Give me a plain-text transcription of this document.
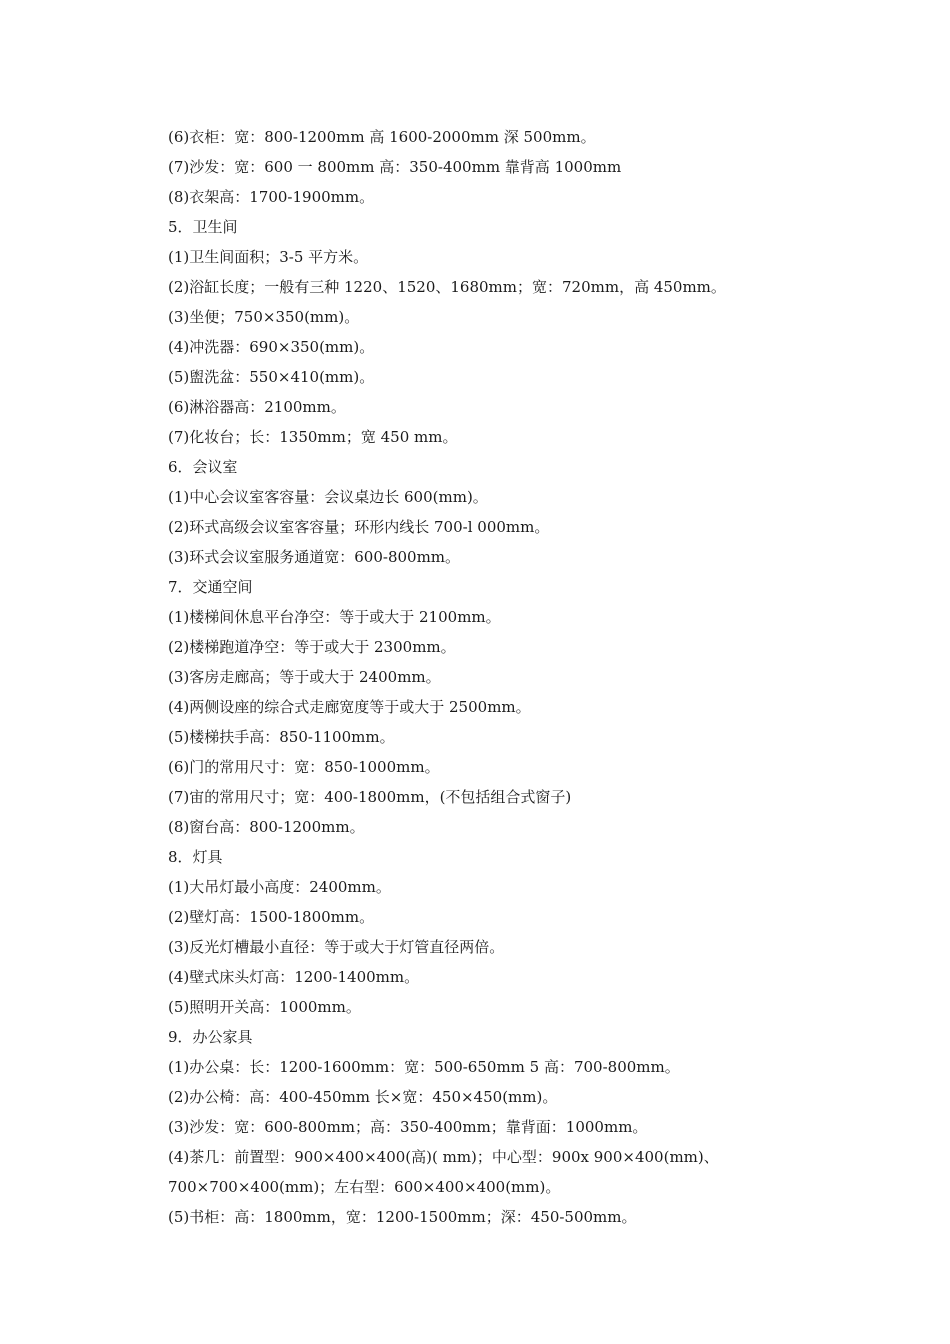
(6)衣柜：宽：800-1200mm 高 1600-2000mm 深 500mm。
(7)沙发：宽：600 一 800mm 高：350-400mm 靠背高 1000mm
(8)衣架高：1700-1900mm。
5．卫生间
(1)卫生间面积；3-5 平方米。
(2)浴缸长度；一般有三种 1220、1520、1680mm；宽：720mm，高 450mm。
(3)坐便；750×350(mm)。
(4)冲洗器：690×350(mm)。
(5)盥洗盆：550×410(mm)。
(6)淋浴器高：2100mm。
(7)化妆台；长：1350mm；宽 450 mm。
6．会议室
(1)中心会议室客容量：会议桌边长 600(mm)。
(2)环式高级会议室客容量；环形内线长 700-l 000mm。
(3)环式会议室服务通道宽：600-800mm。
7．交通空间
(1)楼梯间休息平台净空：等于或大于 2100mm。
(2)楼梯跑道净空：等于或大于 2300mm。
(3)客房走廊高；等于或大于 2400mm。
(4)两侧设座的综合式走廊宽度等于或大于 2500mm。
(5)楼梯扶手高：850-1100mm。
(6)门的常用尺寸：宽：850-1000mm。
(7)宙的常用尺寸；宽：400-1800mm，(不包括组合式窗子)
(8)窗台高：800-1200mm。
8．灯具
(1)大吊灯最小高度：2400mm。
(2)壁灯高：1500-1800mm。
(3)反光灯槽最小直径：等于或大于灯管直径两倍。
(4)壁式床头灯高：1200-1400mm。
(5)照明开关高：1000mm。
9．办公家具
(1)办公桌：长：1200-1600mm：宽：500-650mm 5 高：700-800mm。
(2)办公椅：高：400-450mm 长×宽：450×450(mm)。
(3)沙发：宽：600-800mm；高：350-400mm；靠背面：1000mm。
(4)茶几：前置型：900×400×400(高)( mm)；中心型：900x 900×400(mm)、
700×700×400(mm)；左右型：600×400×400(mm)。
(5)书柜：高：1800mm，宽：1200-1500mm；深：450-500mm。
